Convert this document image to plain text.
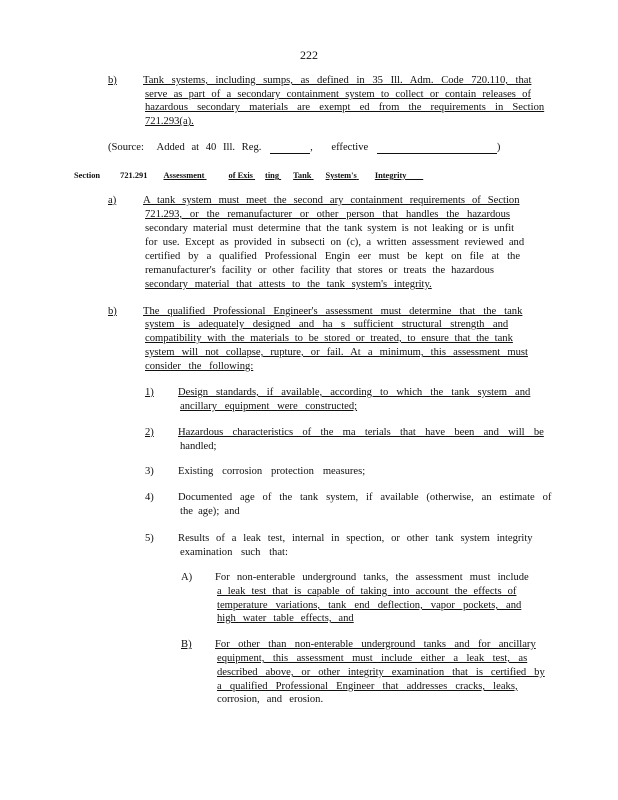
222
b) Tank systems, including sumps, as defined in 35 Ill. Adm. Code 720.110, that
serve as part of a secondary containment system to collect or contain releases of
hazardous secondary materials are exempt ed from the requirements in Section
721.293(a).
(Source: Added at 40 Ill. Reg.	, effective	)
Section 721.291 Assessment	of Exis ting Tank System's Integrity
a)	A tank system must meet the second ary containment requirements of Section
721.293, or the remanufacturer or other person that handles the hazardous
secondary material must determine that the tank system is not leaking or is unfit
for use. Except as provided in subsecti on (c), a written assessment reviewed and
certified by a qualified Professional Engin eer must be kept on file at the
remanufacturer's facility or other facility that stores or treats the hazardous
secondary material that attests to the tank system's integrity.
b) The qualified Professional Engineer's assessment must determine that the tank
system is adequately designed and ha s sufficient structural strength and
compatibility with the materials to be stored or treated, to ensure that the tank
system will not collapse, rupture, or fail. At a minimum, this assessment must
consider the following:
1) Design standards, if available, according to which the tank system and
ancillary equipment were constructed;
2) Hazardous characteristics of the ma terials that have been and will be
handled;
3) Existing corrosion protection measures;
4) Documented age of the tank system, if available (otherwise, an estimate of
the age); and
5) Results of a leak test, internal in spection, or other tank system integrity
examination such that:
A) For non-enterable underground tanks, the assessment must include
a leak test that is capable of taking into account the effects of
temperature variations, tank end deflection, vapor pockets, and
high water table effects, and
B) For other than non-enterable underground tanks and for ancillary
equipment, this assessment must include either a leak test, as
described above, or other integrity examination that is certified by
a qualified Professional Engineer that addresses cracks, leaks,
corrosion, and erosion.
